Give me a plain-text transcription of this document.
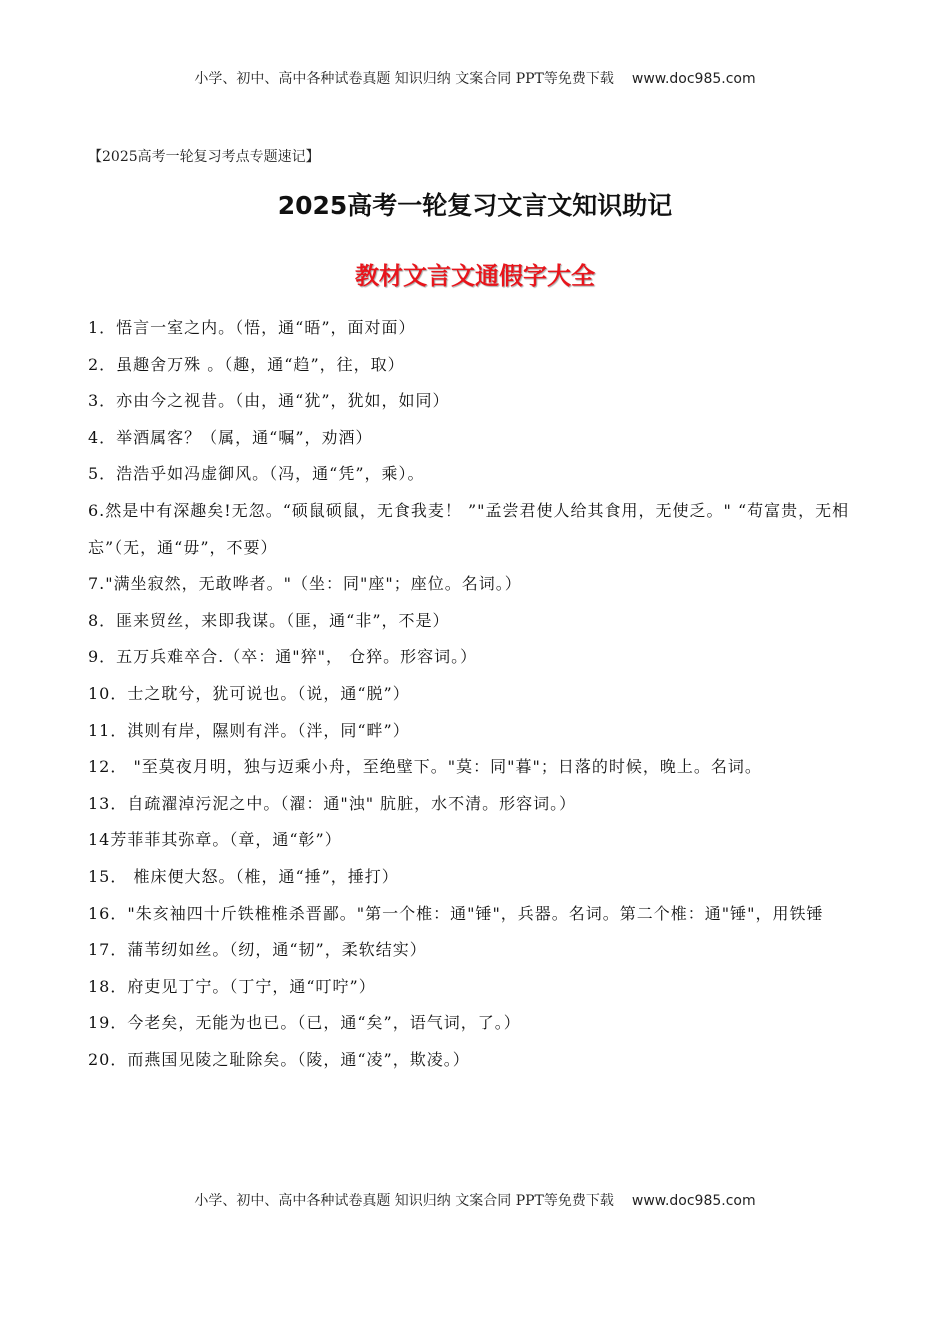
小学、初中、高中各种试卷真题 知识归纳 文案合同 PPT等免费下载 www.doc985.com
【2025高考一轮复习考点专题速记】
2025高考一轮复习文言文知识助记
教材文言文通假字大全
1．悟言一室之内。（悟，通“晤”，面对面）
2．虽趣舍万殊 。（趣，通“趋”，往，取）
3．亦由今之视昔。（由，通“犹”，犹如，如同）
4．举酒属客？（属，通“嘱”，劝酒）
5．浩浩乎如冯虚御风。（冯，通“凭”，乘）。
6.然是中有深趣矣!无忽。“硕鼠硕鼠，无食我麦！ ”"孟尝君使人给其食用，无使乏。" “苟富贵，无相忘”（无，通“毋”，不要）
7."满坐寂然，无敢哗者。"（坐：同"座"；座位。名词。）
8．匪来贸丝，来即我谋。（匪，通“非”，不是）
9．五万兵难卒合.（卒：通"猝"， 仓猝。形容词。）
10．士之耽兮，犹可说也。（说，通“脱”）
11．淇则有岸，隰则有泮。（泮，同“畔”）
12． "至莫夜月明，独与迈乘小舟，至绝壁下。"莫：同"暮"；日落的时候，晚上。名词。
13．自疏濯淖污泥之中。（濯：通"浊" 肮脏，水不清。形容词。）
14芳菲菲其弥章。（章，通“彰”）
15． 椎床便大怒。（椎，通“捶”，捶打）
16．"朱亥袖四十斤铁椎椎杀晋鄙。"第一个椎：通"锤"，兵器。名词。第二个椎：通"锤"，用铁锤
17．蒲苇纫如丝。（纫，通“韧”，柔软结实）
18．府吏见丁宁。（丁宁，通“叮咛”）
19．今老矣，无能为也已。（已，通“矣”，语气词，了。）
20．而燕国见陵之耻除矣。（陵，通“凌”，欺凌。）
小学、初中、高中各种试卷真题 知识归纳 文案合同 PPT等免费下载 www.doc985.com
